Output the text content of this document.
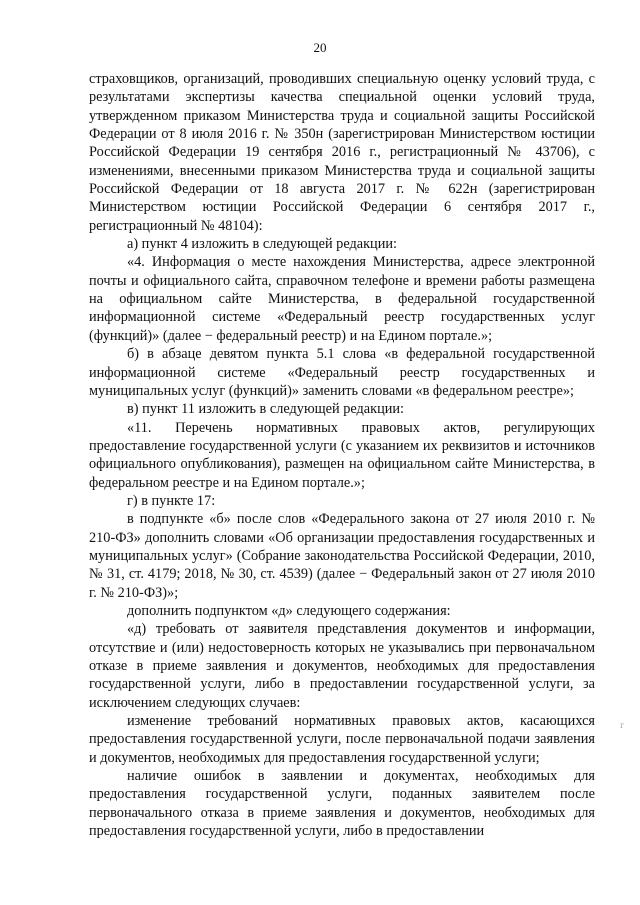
20

страховщиков, организаций, проводивших специальную оценку условий труда, с результатами экспертизы качества специальной оценки условий труда, утвержденном приказом Министерства труда и социальной защиты Российской Федерации от 8 июля 2016 г. № 350н (зарегистрирован Министерством юстиции Российской Федерации 19 сентября 2016 г., регистрационный № 43706), с изменениями, внесенными приказом Министерства труда и социальной защиты Российской Федерации от 18 августа 2017 г. № 622н (зарегистрирован Министерством юстиции Российской Федерации 6 сентября 2017 г., регистрационный № 48104):

а) пункт 4 изложить в следующей редакции:

«4. Информация о месте нахождения Министерства, адресе электронной почты и официального сайта, справочном телефоне и времени работы размещена на официальном сайте Министерства, в федеральной государственной информационной системе «Федеральный реестр государственных услуг (функций)» (далее − федеральный реестр) и на Едином портале.»;

б) в абзаце девятом пункта 5.1 слова «в федеральной государственной информационной системе «Федеральный реестр государственных и муниципальных услуг (функций)» заменить словами «в федеральном реестре»;

в) пункт 11 изложить в следующей редакции:

«11. Перечень нормативных правовых актов, регулирующих предоставление государственной услуги (с указанием их реквизитов и источников официального опубликования), размещен на официальном сайте Министерства, в федеральном реестре и на Едином портале.»;

г) в пункте 17:

в подпункте «б» после слов «Федерального закона от 27 июля 2010 г. № 210-ФЗ» дополнить словами «Об организации предоставления государственных и муниципальных услуг» (Собрание законодательства Российской Федерации, 2010, № 31, ст. 4179; 2018, № 30, ст. 4539) (далее − Федеральный закон от 27 июля 2010 г. № 210-ФЗ)»;

дополнить подпунктом «д» следующего содержания:

«д) требовать от заявителя представления документов и информации, отсутствие и (или) недостоверность которых не указывались при первоначальном отказе в приеме заявления и документов, необходимых для предоставления государственной услуги, либо в предоставлении государственной услуги, за исключением следующих случаев:

изменение требований нормативных правовых актов, касающихся предоставления государственной услуги, после первоначальной подачи заявления и документов, необходимых для предоставления государственной услуги;

наличие ошибок в заявлении и документах, необходимых для предоставления государственной услуги, поданных заявителем после первоначального отказа в приеме заявления и документов, необходимых для предоставления государственной услуги, либо в предоставлении

г
